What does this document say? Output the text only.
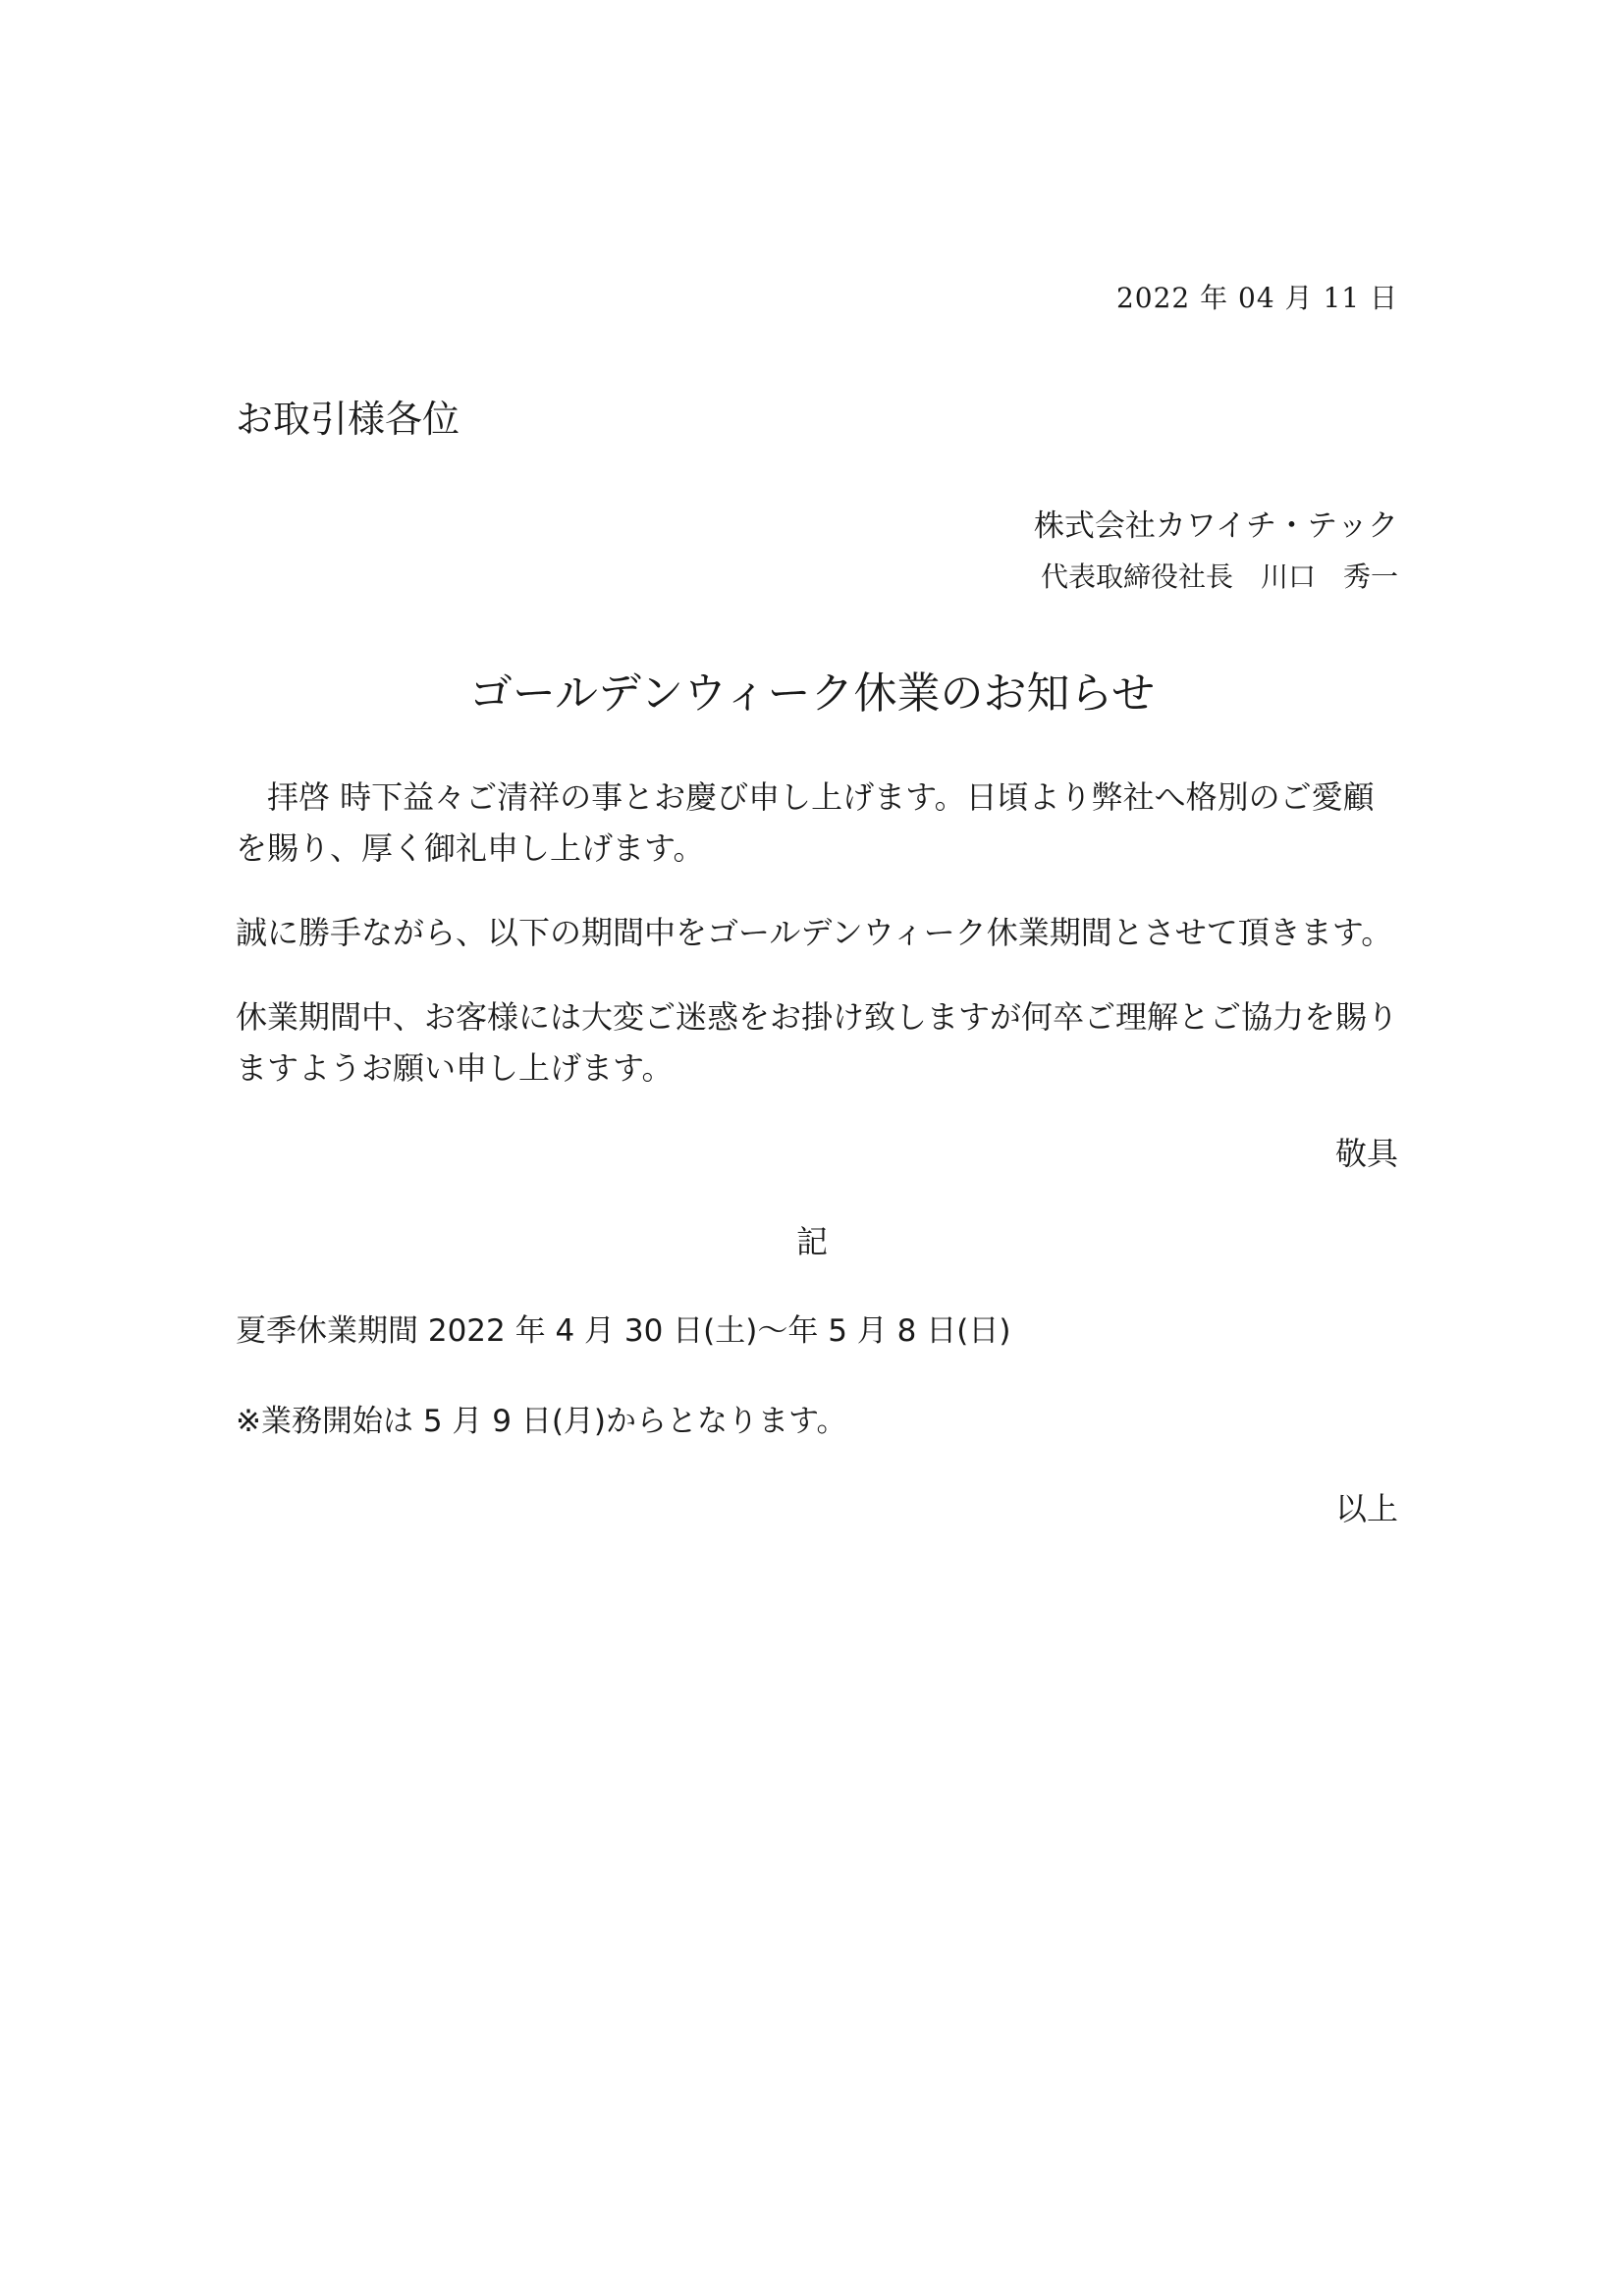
2022 年 04 月 11 日
お取引様各位
株式会社カワイチ・テック
代表取締役社長　川口　秀一
ゴールデンウィーク休業のお知らせ
　拝啓 時下益々ご清祥の事とお慶び申し上げます。日頃より弊社へ格別のご愛顧を賜り、厚く御礼申し上げます。
誠に勝手ながら、以下の期間中をゴールデンウィーク休業期間とさせて頂きます。
休業期間中、お客様には大変ご迷惑をお掛け致しますが何卒ご理解とご協力を賜りますようお願い申し上げます。
敬具
記
夏季休業期間 2022 年 4 月 30 日(土)～年 5 月 8 日(日)
※業務開始は 5 月 9 日(月)からとなります。
以上
